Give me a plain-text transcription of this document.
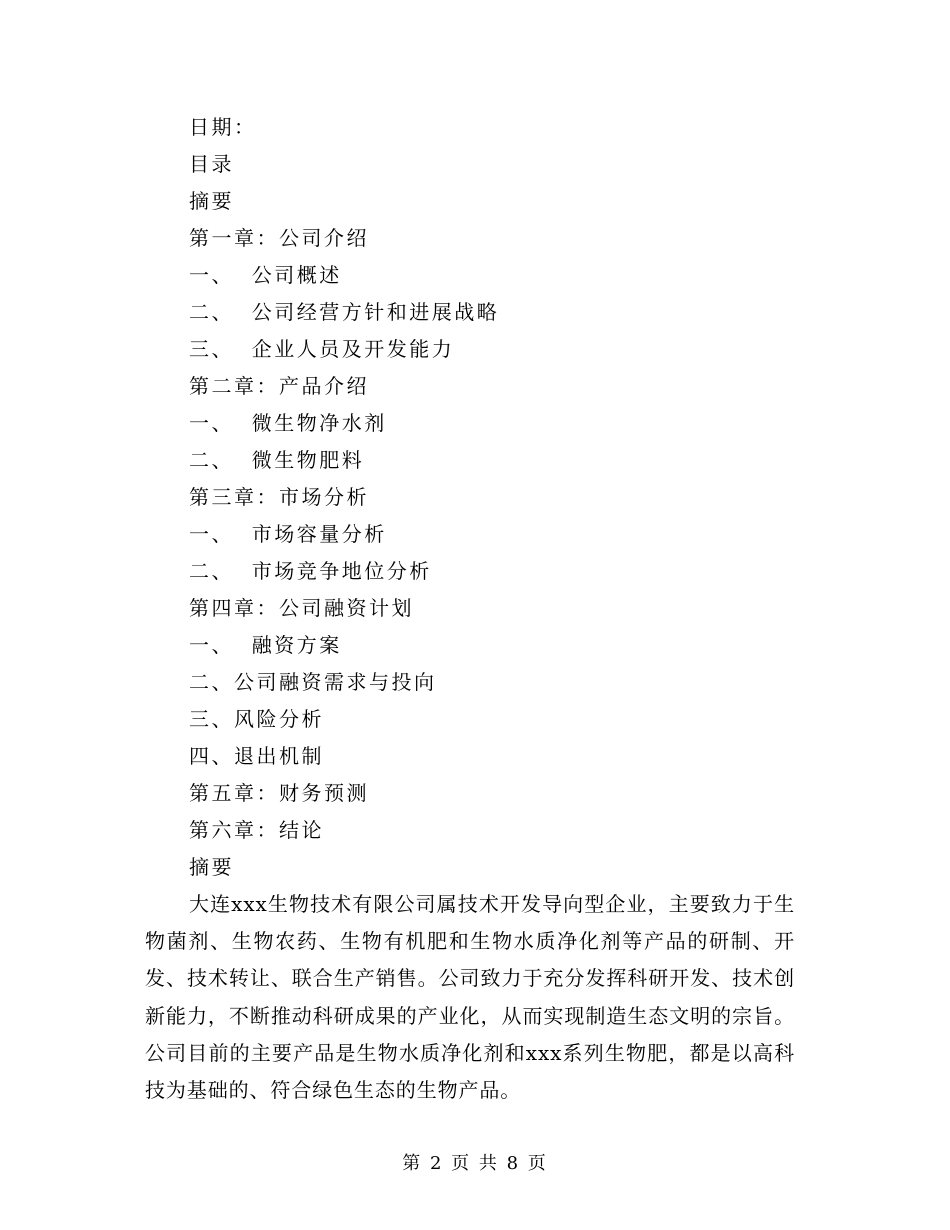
日期：
目录
摘要
第一章：公司介绍
一、  公司概述
二、  公司经营方针和进展战略
三、  企业人员及开发能力
第二章：产品介绍
一、  微生物净水剂
二、  微生物肥料
第三章：市场分析
一、  市场容量分析
二、  市场竞争地位分析
第四章：公司融资计划
一、  融资方案
二、公司融资需求与投向
三、风险分析
四、退出机制
第五章：财务预测
第六章：结论
摘要

大连xxx生物技术有限公司属技术开发导向型企业，主要致力于生物菌剂、生物农药、生物有机肥和生物水质净化剂等产品的研制、开发、技术转让、联合生产销售。公司致力于充分发挥科研开发、技术创新能力，不断推动科研成果的产业化，从而实现制造生态文明的宗旨。公司目前的主要产品是生物水质净化剂和xxx系列生物肥，都是以高科技为基础的、符合绿色生态的生物产品。

第 2 页 共 8 页
